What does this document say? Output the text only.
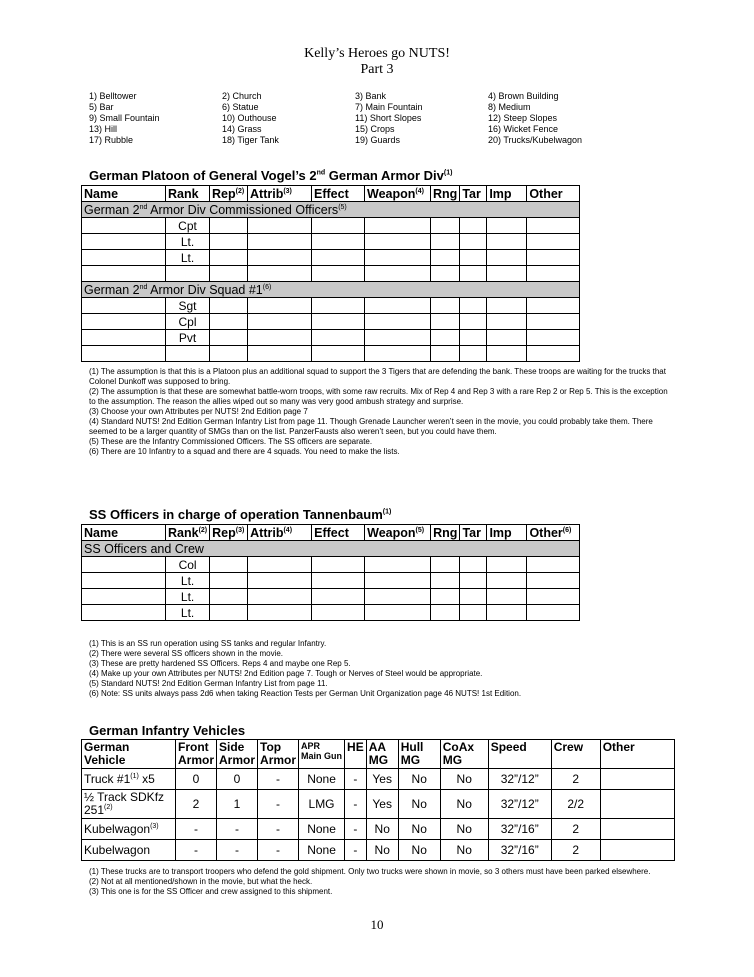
Kelly’s Heroes go NUTS!
Part 3
1) Belltower	2) Church	3) Bank	4) Brown Building
5) Bar	6) Statue	7) Main Fountain	8) Medium
9) Small Fountain	10) Outhouse	11) Short Slopes	12) Steep Slopes
13) Hill	14) Grass	15) Crops	16) Wicket Fence
17) Rubble	18) Tiger Tank	19) Guards	20) Trucks/Kubelwagon
German Platoon of General Vogel’s 2nd German Armor Div$^{(1)}$
Name	Rank	Rep$^{(2)}$	Attrib$^{(3)}$	Effect	Weapon$^{(4)}$	Rng	Tar	Imp	Other
German 2nd Armor Div Commissioned Officers$^{(5)}$
	Cpt								
	Lt.								
	Lt.								

German 2nd Armor Div Squad #1$^{(6)}$
	Sgt								
	Cpl								
	Pvt								

(1) The assumption is that this is a Platoon plus an additional squad to support the 3 Tigers that are defending the bank. These troops are waiting for the trucks that Colonel Dunkoff was supposed to bring.
(2) The assumption is that these are somewhat battle-worn troops, with some raw recruits. Mix of Rep 4 and Rep 3 with a rare Rep 2 or Rep 5. This is the exception to the assumption. The reason the allies wiped out so many was very good ambush strategy and surprise.
(3) Choose your own Attributes per NUTS! 2nd Edition page 7
(4) Standard NUTS! 2nd Edition German Infantry List from page 11. Though Grenade Launcher weren’t seen in the movie, you could probably take them. There seemed to be a larger quantity of SMGs than on the list. PanzerFausts also weren’t seen, but you could have them.
(5) These are the Infantry Commissioned Officers. The SS officers are separate.
(6) There are 10 Infantry to a squad and there are 4 squads. You need to make the lists.
SS Officers in charge of operation Tannenbaum$^{(1)}$
Name	Rank$^{(2)}$	Rep$^{(3)}$	Attrib$^{(4)}$	Effect	Weapon$^{(5)}$	Rng	Tar	Imp	Other$^{(6)}$
SS Officers and Crew									
	Col								
	Lt.								
	Lt.								
	Lt.								
(1) This is an SS run operation using SS tanks and regular Infantry.
(2) There were several SS officers shown in the movie.
(3) These are pretty hardened SS Officers. Reps 4 and maybe one Rep 5.
(4) Make up your own Attributes per NUTS! 2nd Edition page 7. Tough or Nerves of Steel would be appropriate.
(5) Standard NUTS! 2nd Edition German Infantry List from page 11.
(6) Note: SS units always pass 2d6 when taking Reaction Tests per German Unit Organization page 46 NUTS! 1st Edition.
German Infantry Vehicles
German Vehicle	Front Armor	Side Armor	Top Armor	APR Main Gun	HE	AA MG	Hull MG	CoAx MG	Speed	Crew	Other
Truck #1$^{(1)}$ x5	0	0	-	None	-	Yes	No	No	32”/12”	2	
½ Track SDKfz 251$^{(2)}$	2	1	-	LMG	-	Yes	No	No	32”/12”	2/2	
Kubelwagon$^{(3)}$	-	-	-	None	-	No	No	No	32”/16”	2	
Kubelwagon	-	-	-	None	-	No	No	No	32”/16”	2	
(1) These trucks are to transport troopers who defend the gold shipment. Only two trucks were shown in movie, so 3 others must have been parked elsewhere.
(2) Not at all mentioned/shown in the movie, but what the heck.
(3) This one is for the SS Officer and crew assigned to this shipment.
10
